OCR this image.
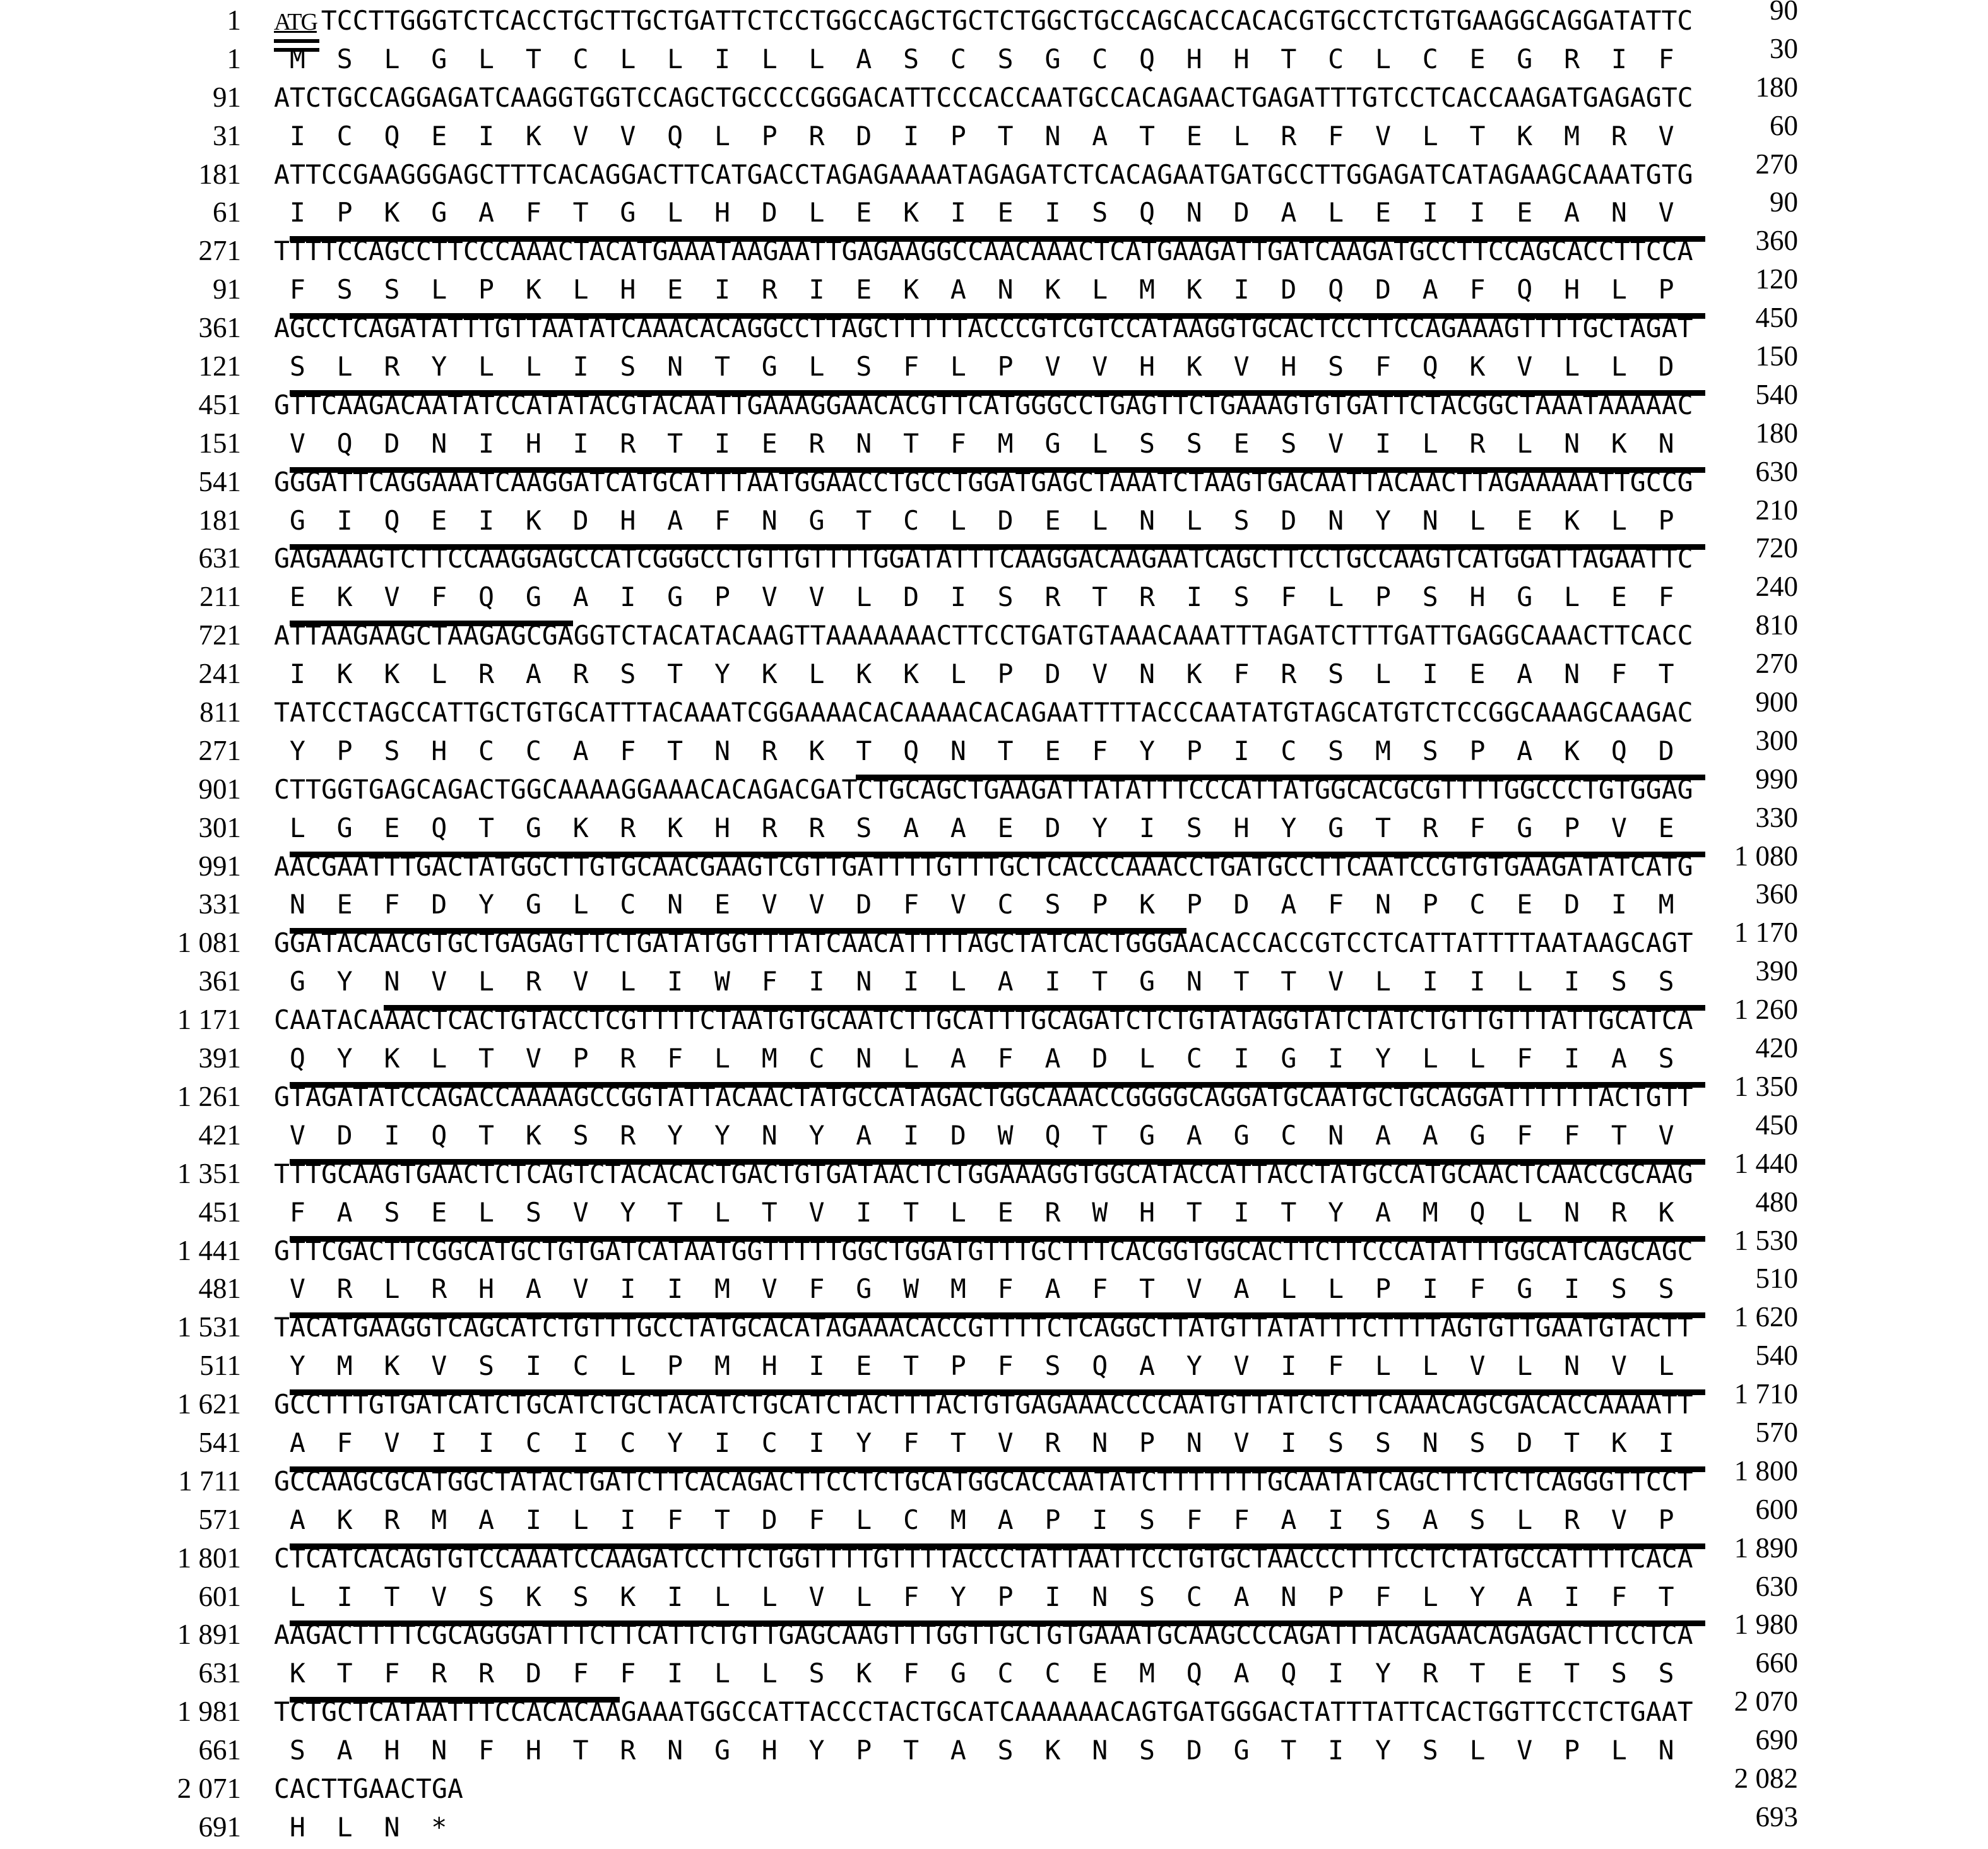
1 ATG TCCTTGGGTCTCACCTGCTTGCTGATTCTCCTGGCCAGCTGCTCTGGCTGCCAGCACCACACGTGCCTCTGTGAAGGCAGGATATTC	90
1	MSLGLTCLLILLASCSGCQHHTCLCEGRIF	30
91 ATCTGCCAGGAGATCAAGGTGGTCCAGCTGCCCCGGGACATTCCCACCAATGCCACAGAACTGAGATTTGTCCTCACCAAGATGAGAGTC	180
31	ICQEIKVVQLPRDIPTNATELRFVLTKMRV	60
181 ATTCCGAAGGGAGCTTTCACAGGACTTCATGACCTAGAGAAAATAGAGATCTCACAGAATGATGCCTTGGAGATCATAGAAGCAAATGTG	270
61	IPKGAFTGLHDLEKIEISQNDALEIIEANV	90
271 TTTTCCAGCCTTCCCAAACTACATGAAATAAGAATTGAGAAGGCCAACAAACTCATGAAGATTGATCAAGATGCCTTCCAGCACCTTCCA	360
91	FSSLPKLHEIRIEKANKLMKIDQDAFQHLP	120
361 AGCCTCAGATATTTGTTAATATCAAACACAGGCCTTAGCTTTTTACCCGTCGTCCATAAGGTGCACTCCTTCCAGAAAGTTTTGCTAGAT	450
121	SLRYLLISNTGLSFLPVVHKVHSFQKVLLD	150
451 GTTCAAGACAATATCCATATACGTACAATTGAAAGGAACACGTTCATGGGCCTGAGTTCTGAAAGTGTGATTCTACGGCTAAATAAAAAC	540
151	VQDNIHIRTIERNTFMGLSSESVILRLNKN	180
541 GGGATTCAGGAAATCAAGGATCATGCATTTAATGGAACCTGCCTGGATGAGCTAAATCTAAGTGACAATTACAACTTAGAAAAATTGCCG	630
181	GIQEIKDHAFNGTCLDELNLSDNYNLEKLP	210
631 GAGAAAGTCTTCCAAGGAGCCATCGGGCCTGTTGTTTTGGATATTTCAAGGACAAGAATCAGCTTCCTGCCAAGTCATGGATTAGAATTC	720
211	EKVFQGAIGPVVLDISRTRISFLPSHGLEF	240
721 ATTAAGAAGCTAAGAGCGAGGTCTACATACAAGTTAAAAAAACTTCCTGATGTAAACAAATTTAGATCTTTGATTGAGGCAAACTTCACC	810
241	IKKLRARSTYKLKKLPDVNKFRSLIEANFT	270
811 TATCCTAGCCATTGCTGTGCATTTACAAATCGGAAAACACAAAACACAGAATTTTACCCAATATGTAGCATGTCTCCGGCAAAGCAAGAC	900
271	YPSHCCAFTNRKTQNTEFYPICSMSPAKQD	300
901 CTTGGTGAGCAGACTGGCAAAAGGAAACACAGACGATCTGCAGCTGAAGATTATATTTCCCATTATGGCACGCGTTTTGGCCCTGTGGAG	990
301	LGEQTGKRKHRRSAAEDYISHYGTRFGPVE	330
991 AACGAATTTGACTATGGCTTGTGCAACGAAGTCGTTGATTTTGTTTGCTCACCCAAACCTGATGCCTTCAATCCGTGTGAAGATATCATG	1 080
331	NEFDYGLCNEVVDFVCSPKPDAFNPCEDIM	360
1 081 GGATACAACGTGCTGAGAGTTCTGATATGGTTTATCAACATTTTAGCTATCACTGGGAACACCACCGTCCTCATTATTTTAATAAGCAGT	1 170
361	GYNVLRVLIWFINILAITGNTTVLIILISS	390
1 171 CAATACAAACTCACTGTACCTCGTTTTCTAATGTGCAATCTTGCATTTGCAGATCTCTGTATAGGTATCTATCTGTTGTTTATTGCATCA	1 260
391	QYKLTVPRFLMCNLAFADLCIGIYLLFIAS	420
1 261 GTAGATATCCAGACCAAAAGCCGGTATTACAACTATGCCATAGACTGGCAAACCGGGGCAGGATGCAATGCTGCAGGATTTTTTACTGTT	1 350
421	VDIQTKSRYYNYAIDWQTGAGCNAAGFFTV	450
1 351 TTTGCAAGTGAACTCTCAGTCTACACACTGACTGTGATAACTCTGGAAAGGTGGCATACCATTACCTATGCCATGCAACTCAACCGCAAG	1 440
451	FASELSVYTLTVITLERWHTITYAMQLNRK	480
1 441 GTTCGACTTCGGCATGCTGTGATCATAATGGTTTTTGGCTGGATGTTTGCTTTCACGGTGGCACTTCTTCCCATATTTGGCATCAGCAGC	1 530
481	VRLRHAVIIMVFGWMFAFTVALLPIFGISS	510
1 531 TACATGAAGGTCAGCATCTGTTTGCCTATGCACATAGAAACACCGTTTTCTCAGGCTTATGTTATATTTCTTTTAGTGTTGAATGTACTT	1 620
511	YMKVSICLPMHIETPFSQAYVIFLLVLNVL	540
1 621 GCCTTTGTGATCATCTGCATCTGCTACATCTGCATCTACTTTACTGTGAGAAACCCCAATGTTATCTCTTCAAACAGCGACACCAAAATT	1 710
541	AFVIICICYICIYFTVRNPNVISSNSDTKI	570
1 711 GCCAAGCGCATGGCTATACTGATCTTCACAGACTTCCTCTGCATGGCACCAATATCTTTTTTTGCAATATCAGCTTCTCTCAGGGTTCCT	1 800
571	AKRMAILIFTDFLCMAPISFFAISASLRVP	600
1 801 CTCATCACAGTGTCCAAATCCAAGATCCTTCTGGTTTTGTTTTACCCTATTAATTCCTGTGCTAACCCTTTCCTCTATGCCATTTTCACA	1 890
601	LITVSKSKILLVLFYPINSCANPFLYAIFT	630
1 891 AAGACTTTTCGCAGGGATTTCTTCATTCTGTTGAGCAAGTTTGGTTGCTGTGAAATGCAAGCCCAGATTTACAGAACAGAGACTTCCTCA	1 980
631	KTFRRDFFILLSKFGCCEMQAQIYRTETSS	660
1 981 TCTGCTCATAATTTCCACACAAGAAATGGCCATTACCCTACTGCATCAAAAAACAGTGATGGGACTATTTATTCACTGGTTCCTCTGAAT	2 070
661	SAHNFHTRNGHYPTASKNSDGTIYSLVPLN	690
2 071 CACTTGAACTGA	2 082
691	HLN*	693
